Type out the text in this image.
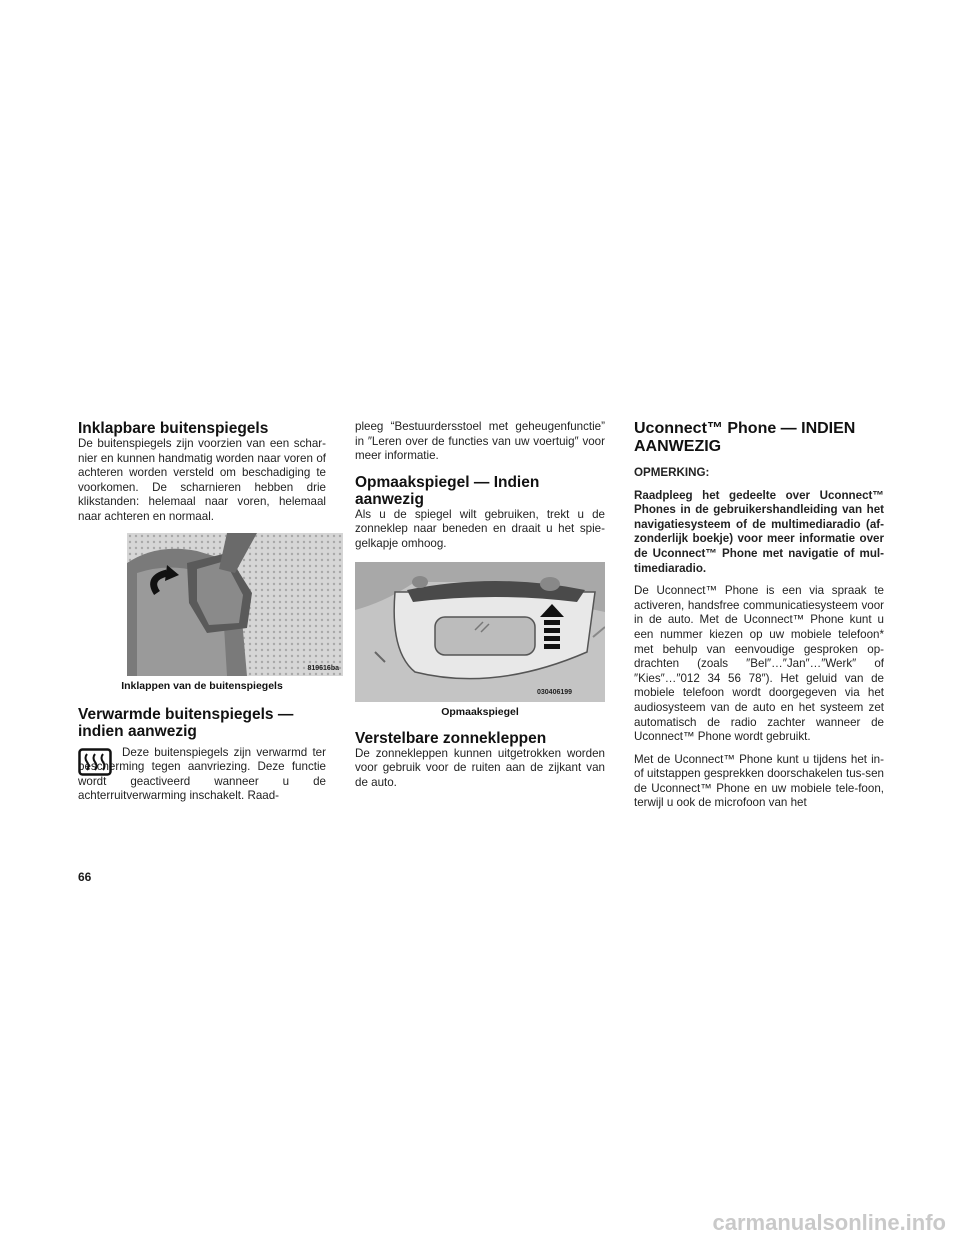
Inklapbare buitenspiegels

De buitenspiegels zijn voorzien van een schar-nier en kunnen handmatig worden naar voren of achteren worden versteld om beschadiging te voorkomen. De scharnieren hebben drie klikstanden: helemaal naar voren, helemaal naar achteren en normaal.

819616ba
Inklappen van de buitenspiegels
Verwarmde buitenspiegels — indien aanwezig

Deze buitenspiegels zijn verwarmd ter bescherming tegen aanvriezing. Deze functie wordt geactiveerd wanneer u de achterruitverwarming inschakelt. Raad-

pleeg “Bestuurdersstoel met geheugenfunctie” in ″Leren over de functies van uw voertuig″ voor meer informatie.

Opmaakspiegel — Indien aanwezig

Als u de spiegel wilt gebruiken, trekt u de zonneklep naar beneden en draait u het spie-gelkapje omhoog.

030406199
Opmaakspiegel
Verstelbare zonnekleppen

De zonnekleppen kunnen uitgetrokken worden voor gebruik voor de ruiten aan de zijkant van de auto.

Uconnect™ Phone — INDIEN AANWEZIG

OPMERKING:

Raadpleeg het gedeelte over Uconnect™ Phones in de gebruikershandleiding van het navigatiesysteem of de multimediaradio (af-zonderlijk boekje) voor meer informatie over de Uconnect™ Phone met navigatie of mul-timediaradio.

De Uconnect™ Phone is een via spraak te activeren, handsfree communicatiesysteem voor in de auto. Met de Uconnect™ Phone kunt u een nummer kiezen op uw mobiele telefoon* met behulp van eenvoudige gesproken op-drachten (zoals ″Bel″…″Jan″…″Werk″ of ″Kies″…″012 34 56 78″). Het geluid van de mobiele telefoon wordt doorgegeven via het audiosysteem van de auto en het systeem zet automatisch de radio zachter wanneer de Uconnect™ Phone wordt gebruikt.

Met de Uconnect™ Phone kunt u tijdens het in- of uitstappen gesprekken doorschakelen tus-sen de Uconnect™ Phone en uw mobiele tele-foon, terwijl u ook de microfoon van het

66
carmanualsonline.info
